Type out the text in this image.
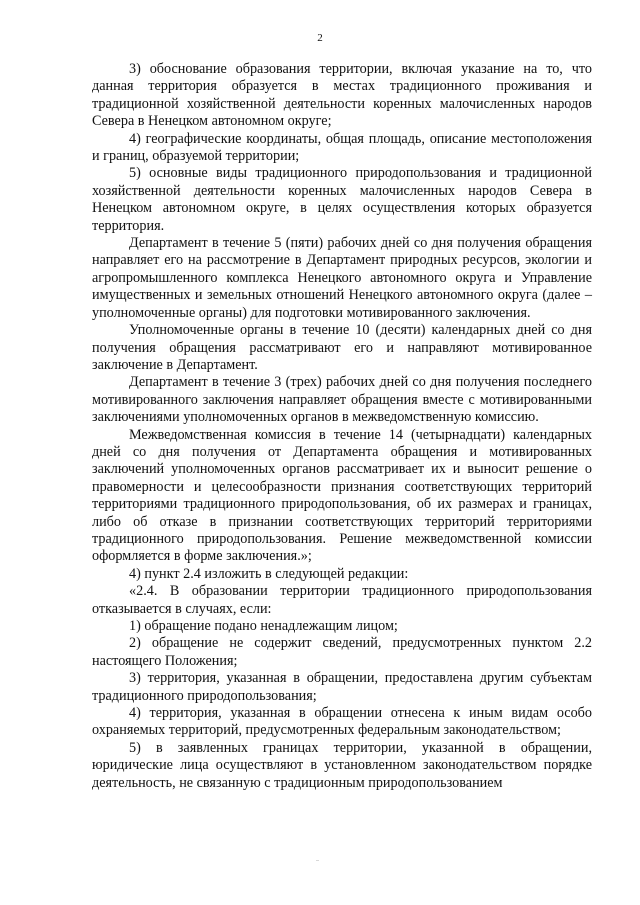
2

3) обоснование образования территории, включая указание на то, что данная территория образуется в местах традиционного проживания и традиционной хозяйственной деятельности коренных малочисленных народов Севера в Ненецком автономном округе;

4) географические координаты, общая площадь, описание местоположения и границ, образуемой территории;

5) основные виды традиционного природопользования и традиционной хозяйственной деятельности коренных малочисленных народов Севера в Ненецком автономном округе, в целях осуществления которых образуется территория.

Департамент в течение 5 (пяти) рабочих дней со дня получения обращения направляет его на рассмотрение в Департамент природных ресурсов, экологии и агропромышленного комплекса Ненецкого автономного округа и Управление имущественных и земельных отношений Ненецкого автономного округа (далее – уполномоченные органы) для подготовки мотивированного заключения.

Уполномоченные органы в течение 10 (десяти) календарных дней со дня получения обращения рассматривают его и направляют мотивированное заключение в Департамент.

Департамент в течение 3 (трех) рабочих дней со дня получения последнего мотивированного заключения направляет обращения вместе с мотивированными заключениями уполномоченных органов в межведомственную комиссию.

Межведомственная комиссия в течение 14 (четырнадцати) календарных дней со дня получения от Департамента обращения и мотивированных заключений уполномоченных органов рассматривает их и выносит решение о правомерности и целесообразности признания соответствующих территорий территориями традиционного природопользования, об их размерах и границах, либо об отказе в признании соответствующих территорий территориями традиционного природопользования. Решение межведомственной комиссии оформляется в форме заключения.»;

4) пункт 2.4 изложить в следующей редакции:

«2.4. В образовании территории традиционного природопользования отказывается в случаях, если:

1) обращение подано ненадлежащим лицом;

2) обращение не содержит сведений, предусмотренных пунктом 2.2 настоящего Положения;

3) территория, указанная в обращении, предоставлена другим субъектам традиционного природопользования;

4) территория, указанная в обращении отнесена к иным видам особо охраняемых территорий, предусмотренных федеральным законодательством;

5) в заявленных границах территории, указанной в обращении, юридические лица осуществляют в установленном законодательством порядке деятельность, не связанную с традиционным природопользованием
